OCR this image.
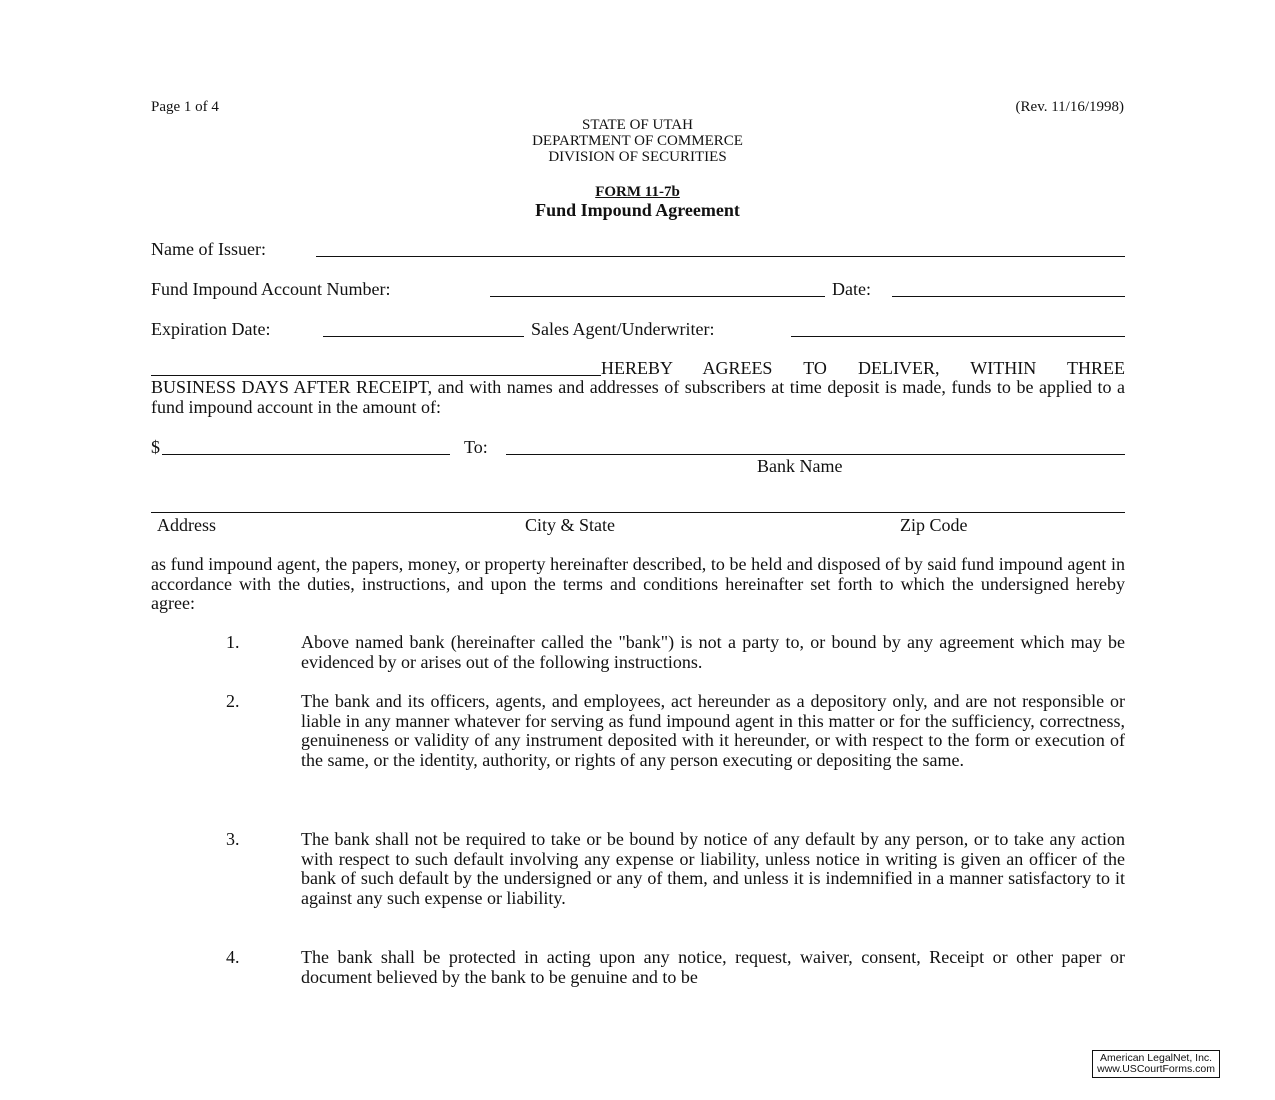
Page 1 of 4	(Rev. 11/16/1998)
STATE OF UTAH
DEPARTMENT OF COMMERCE
DIVISION OF SECURITIES
FORM 11-7b
Fund Impound Agreement
Name of Issuer:
Fund Impound Account Number:	Date:
Expiration Date:	Sales Agent/Underwriter:
HEREBY AGREES TO DELIVER, WITHIN THREE
BUSINESS DAYS AFTER RECEIPT, and with names and addresses of subscribers at time deposit is made, funds to be applied to a fund impound account in the amount of:
$	To:
Bank Name
Address	City & State	Zip Code
as fund impound agent, the papers, money, or property hereinafter described, to be held and disposed of by said fund impound agent in accordance with the duties, instructions, and upon the terms and conditions hereinafter set forth to which the undersigned hereby agree:
1.	Above named bank (hereinafter called the "bank") is not a party to, or bound by any agreement which may be evidenced by or arises out of the following instructions.
2.	The bank and its officers, agents, and employees, act hereunder as a depository only, and are not responsible or liable in any manner whatever for serving as fund impound agent in this matter or for the sufficiency, correctness, genuineness or validity of any instrument deposited with it hereunder, or with respect to the form or execution of the same, or the identity, authority, or rights of any person executing or depositing the same.
3.	The bank shall not be required to take or be bound by notice of any default by any person, or to take any action with respect to such default involving any expense or liability, unless notice in writing is given an officer of the bank of such default by the undersigned or any of them, and unless it is indemnified in a manner satisfactory to it against any such expense or liability.
4.	The bank shall be protected in acting upon any notice, request, waiver, consent, Receipt or other paper or document believed by the bank to be genuine and to be
American LegalNet, Inc.
www.USCourtForms.com
